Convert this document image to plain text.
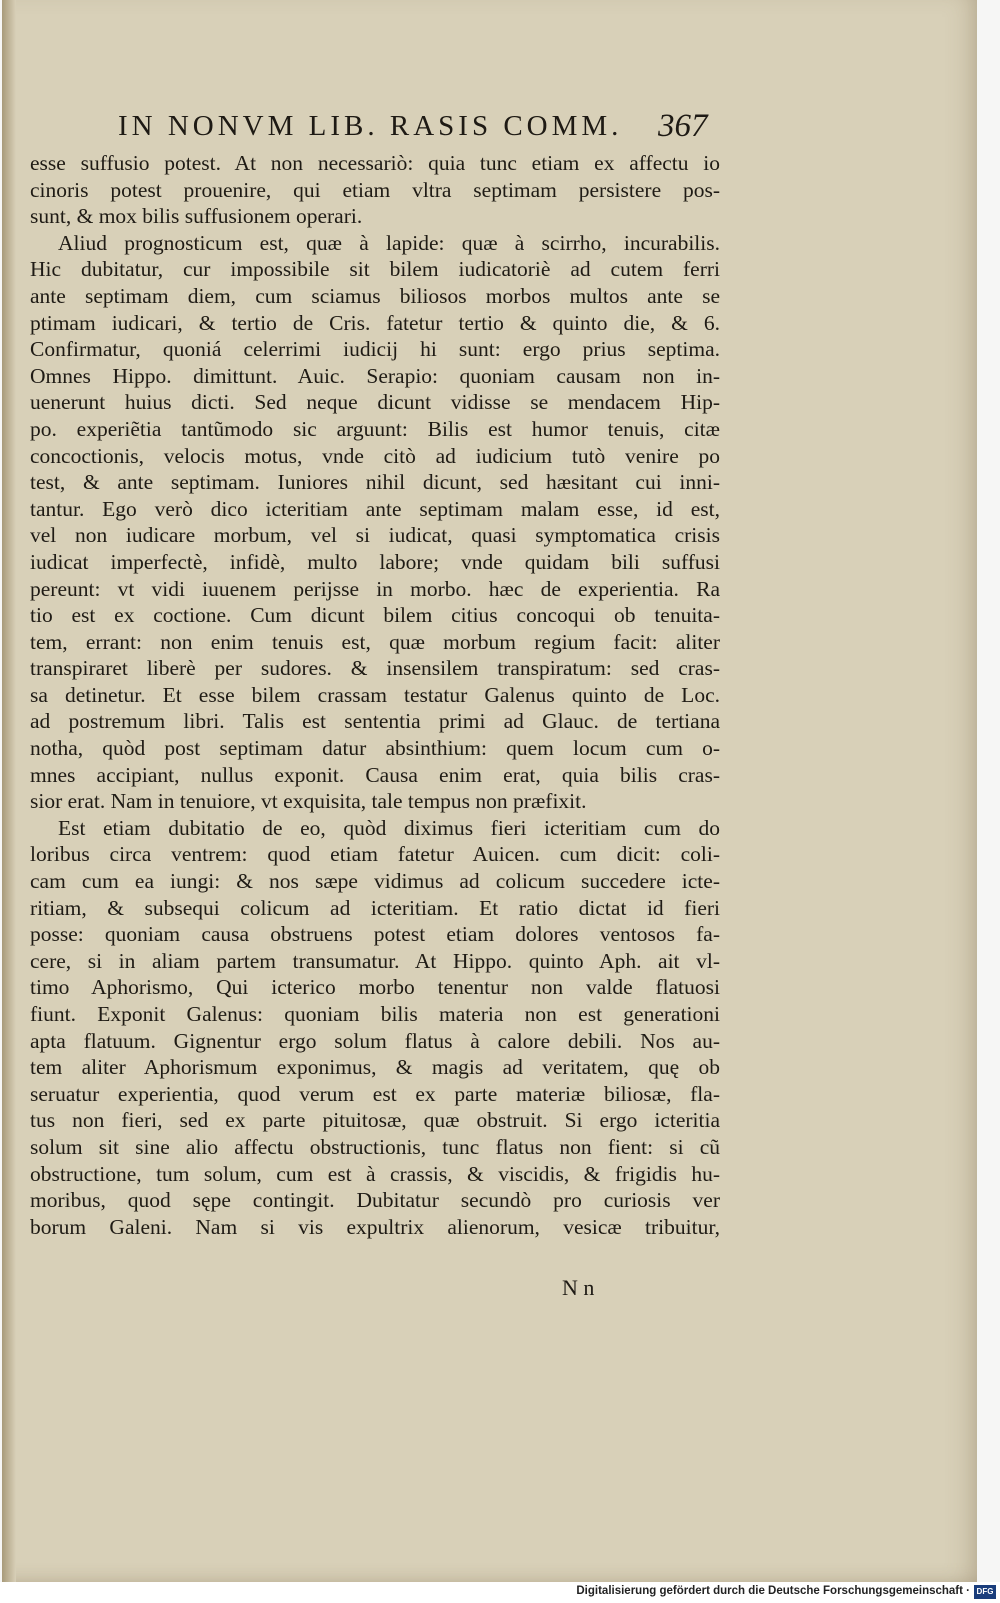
IN NONVM LIB. RASIS COMM.	367
esse suffusio potest. At non necessariò: quia tunc etiam ex affectu io
cinoris potest prouenire, qui etiam vltra septimam persistere pos-
sunt, & mox bilis suffusionem operari.
Aliud prognosticum est, quæ à lapide: quæ à scirrho, incurabilis.
Hic dubitatur, cur impossibile sit bilem iudicatoriè ad cutem ferri
ante septimam diem, cum sciamus biliosos morbos multos ante se
ptimam iudicari, & tertio de Cris. fatetur tertio & quinto die, & 6.
Confirmatur, quoniá celerrimi iudicij hi sunt: ergo prius septima.
Omnes Hippo. dimittunt. Auic. Serapio: quoniam causam non in-
uenerunt huius dicti. Sed neque dicunt vidisse se mendacem Hip-
po. experiẽtia tantũmodo sic arguunt: Bilis est humor tenuis, citæ
concoctionis, velocis motus, vnde citò ad iudicium tutò venire po
test, & ante septimam. Iuniores nihil dicunt, sed hæsitant cui inni-
tantur. Ego verò dico icteritiam ante septimam malam esse, id est,
vel non iudicare morbum, vel si iudicat, quasi symptomatica crisis
iudicat imperfectè, infidè, multo labore; vnde quidam bili suffusi
pereunt: vt vidi iuuenem perijsse in morbo. hæc de experientia. Ra
tio est ex coctione. Cum dicunt bilem citius concoqui ob tenuita-
tem, errant: non enim tenuis est, quæ morbum regium facit: aliter
transpiraret liberè per sudores. & insensilem transpiratum: sed cras-
sa detinetur. Et esse bilem crassam testatur Galenus quinto de Loc.
ad postremum libri. Talis est sententia primi ad Glauc. de tertiana
notha, quòd post septimam datur absinthium: quem locum cum o-
mnes accipiant, nullus exponit. Causa enim erat, quia bilis cras-
sior erat. Nam in tenuiore, vt exquisita, tale tempus non præfixit.
Est etiam dubitatio de eo, quòd diximus fieri icteritiam cum do
loribus circa ventrem: quod etiam fatetur Auicen. cum dicit: coli-
cam cum ea iungi: & nos sæpe vidimus ad colicum succedere icte-
ritiam, & subsequi colicum ad icteritiam. Et ratio dictat id fieri
posse: quoniam causa obstruens potest etiam dolores ventosos fa-
cere, si in aliam partem transumatur. At Hippo. quinto Aph. ait vl-
timo Aphorismo, Qui icterico morbo tenentur non valde flatuosi
fiunt. Exponit Galenus: quoniam bilis materia non est generationi
apta flatuum. Gignentur ergo solum flatus à calore debili. Nos au-
tem aliter Aphorismum exponimus, & magis ad veritatem, quę ob
seruatur experientia, quod verum est ex parte materiæ biliosæ, fla-
tus non fieri, sed ex parte pituitosæ, quæ obstruit. Si ergo icteritia
solum sit sine alio affectu obstructionis, tunc flatus non fient: si cũ
obstructione, tum solum, cum est à crassis, & viscidis, & frigidis hu-
moribus, quod sępe contingit. Dubitatur secundò pro curiosis ver
borum Galeni. Nam si vis expultrix alienorum, vesicæ tribuitur,
N n
Digitalisierung gefördert durch die Deutsche Forschungsgemeinschaft · DFG
